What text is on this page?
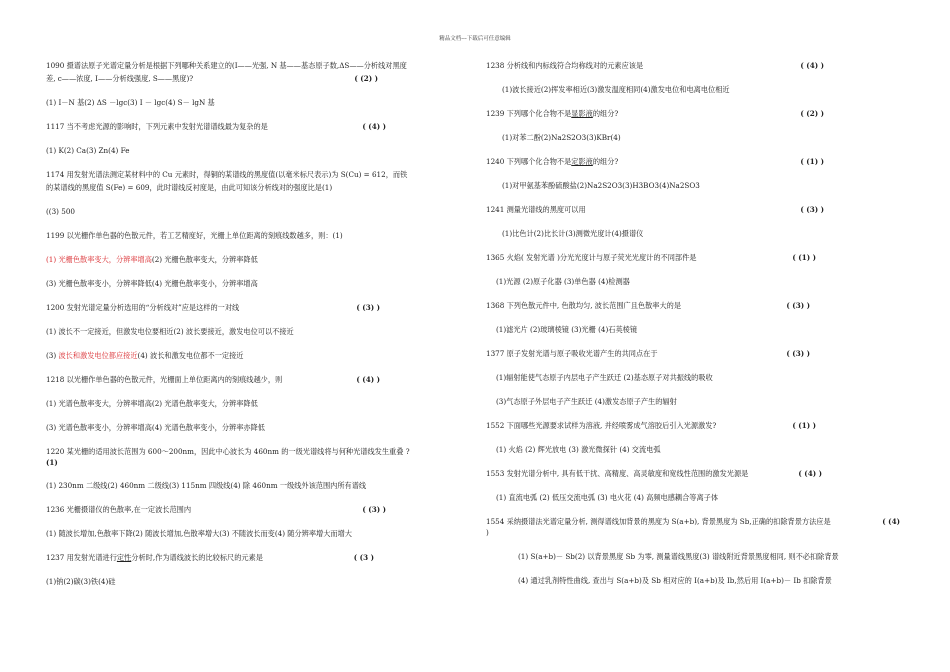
精品文档---下载后可任意编辑
1090 摄谱法原子光谱定量分析是根据下列哪种关系建立的(I——光强, N 基——基态原子数,ΔS——分析线对黑度
差, c——浓度, I——分析线强度, S——黑度)?	( (2) )
(1) I－N 基(2) ΔS －lgc(3) I － lgc(4) S－ lgN 基
1117 当不考虑光源的影响时，下列元素中发射光谱谱线最为复杂的是	( (4) )
(1) K(2) Ca(3) Zn(4) Fe
1174 用发射光谱法测定某材料中的 Cu 元素时，得铜的某谱线的黑度值(以毫米标尺表示)为 S(Cu) = 612，而铁
的某谱线的黑度值 S(Fe) = 609，此时谱线反衬度是，由此可知该分析线对的强度比是(1)
((3) 500
1199 以光栅作单色器的色散元件，若工艺精度好，光栅上单位距离的刻痕线数越多，则：(1)
(1) 光栅色散率变大，分辨率增高(2) 光栅色散率变大，分辨率降低
(3) 光栅色散率变小，分辨率降低(4) 光栅色散率变小，分辨率增高
1200 发射光谱定量分析选用的“分析线对”应是这样的一对线	( (3) )
(1) 波长不一定接近，但激发电位要相近(2) 波长要接近，激发电位可以不接近
(3) 波长和激发电位都应接近(4) 波长和激发电位都不一定接近
1218 以光栅作单色器的色散元件，光栅面上单位距离内的刻痕线越少，则	( (4) )
(1) 光谱色散率变大，分辨率增高(2) 光谱色散率变大，分辨率降低
(3) 光谱色散率变小，分辨率增高(4) 光谱色散率变小，分辨率亦降低
1220 某光栅的适用波长范围为 600～200nm，因此中心波长为 460nm 的一级光谱线将与何种光谱线发生重叠 ?
(1)
(1) 230nm 二级线(2) 460nm 二级线(3) 115nm 四级线(4) 除 460nm 一级线外该范围内所有谱线
1236 光栅摄谱仪的色散率,在一定波长范围内	( (3) )
(1) 随波长增加,色散率下降(2) 随波长增加,色散率增大(3) 不随波长而变(4) 随分辨率增大而增大
1237 用发射光谱进行定性分析时,作为谱线波长的比较标尺的元素是	( (3 )
(1)钠(2)碳(3)铁(4)硅
1238 分析线和内标线符合均称线对的元素应该是	( (4) )
(1)波长接近(2)挥发率相近(3)激发温度相同(4)激发电位和电离电位相近
1239 下列哪个化合物不是显影液的组分?	( (2) )
(1)对苯二酚(2)Na2S2O3(3)KBr(4)
1240 下列哪个化合物不是定影液的组分?	( (1) )
(1)对甲氨基苯酚硫酸盐(2)Na2S2O3(3)H3BO3(4)Na2SO3
1241 测量光谱线的黑度可以用	( (3) )
(1)比色计(2)比长计(3)测微光度计(4)摄谱仪
1365 火焰( 发射光谱 )分光光度计与原子荧光光度计的不同部件是	( (1) )
(1)光源 (2)原子化器 (3)单色器 (4)检测器
1368 下列色散元件中, 色散均匀, 波长范围广且色散率大的是	( (3) )
(1)滤光片 (2)玻璃棱镜 (3)光栅 (4)石英棱镜
1377 原子发射光谱与原子吸收光谱产生的共同点在于	( (3) )
(1)辐射能使气态原子内层电子产生跃迁 (2)基态原子对共振线的吸收
(3)气态原子外层电子产生跃迁 (4)激发态原子产生的辐射
1552 下面哪些光源要求试样为溶液, 并经喷雾成气溶胶后引入光源激发?	( (1) )
(1) 火焰 (2) 辉光放电 (3) 激光微探针 (4) 交流电弧
1553 发射光谱分析中, 具有低干扰、高精度、高灵敏度和宽线性范围的激发光源是	( (4) )
(1) 直流电弧 (2) 低压交流电弧 (3) 电火花 (4) 高频电感耦合等离子体
1554 采纳摄谱法光谱定量分析, 测得谱线加背景的黑度为 S(a+b), 背景黑度为 Sb,正确的扣除背景方法应是	( (4)
)
(1) S(a+b)－ Sb(2) 以背景黑度 Sb 为零, 测量谱线黑度(3) 谱线附近背景黑度相同, 则不必扣除背景
(4) 通过乳剂特性曲线, 查出与 S(a+b)及 Sb 相对应的 I(a+b)及 Ib,然后用 I(a+b)－ Ib 扣除背景
